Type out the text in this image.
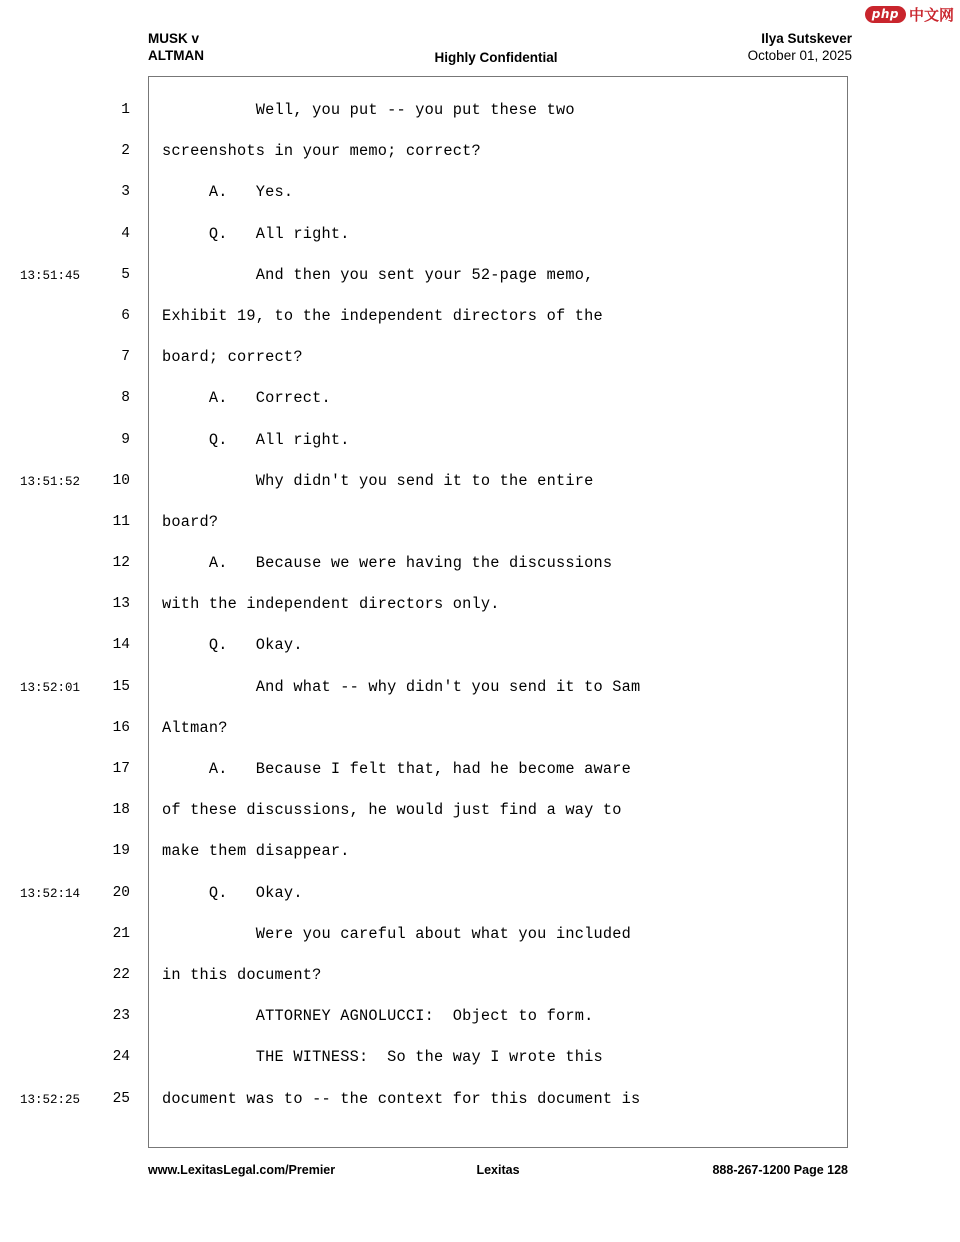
php 中文网
MUSK v
ALTMAN	Highly Confidential
Ilya Sutskever
October 01, 2025
1 Well, you put -- you put these two
2 screenshots in your memo; correct?
3 A.   Yes.
4 Q.   All right.
13:51:45	5 And then you sent your 52-page memo,
6 Exhibit 19, to the independent directors of the
7 board; correct?
8 A.   Correct.
9 Q.   All right.
13:51:52	10 Why didn't you send it to the entire
11 board?
12 A.   Because we were having the discussions
13 with the independent directors only.
14 Q.   Okay.
13:52:01	15 And what -- why didn't you send it to Sam
16 Altman?
17 A.   Because I felt that, had he become aware
18 of these discussions, he would just find a way to
19 make them disappear.
13:52:14	20 Q.   Okay.
21 Were you careful about what you included
22 in this document?
23 ATTORNEY AGNOLUCCI:  Object to form.
24 THE WITNESS:  So the way I wrote this
13:52:25	25 document was to -- the context for this document is
www.LexitasLegal.com/Premier	Lexitas	888-267-1200 Page 128
